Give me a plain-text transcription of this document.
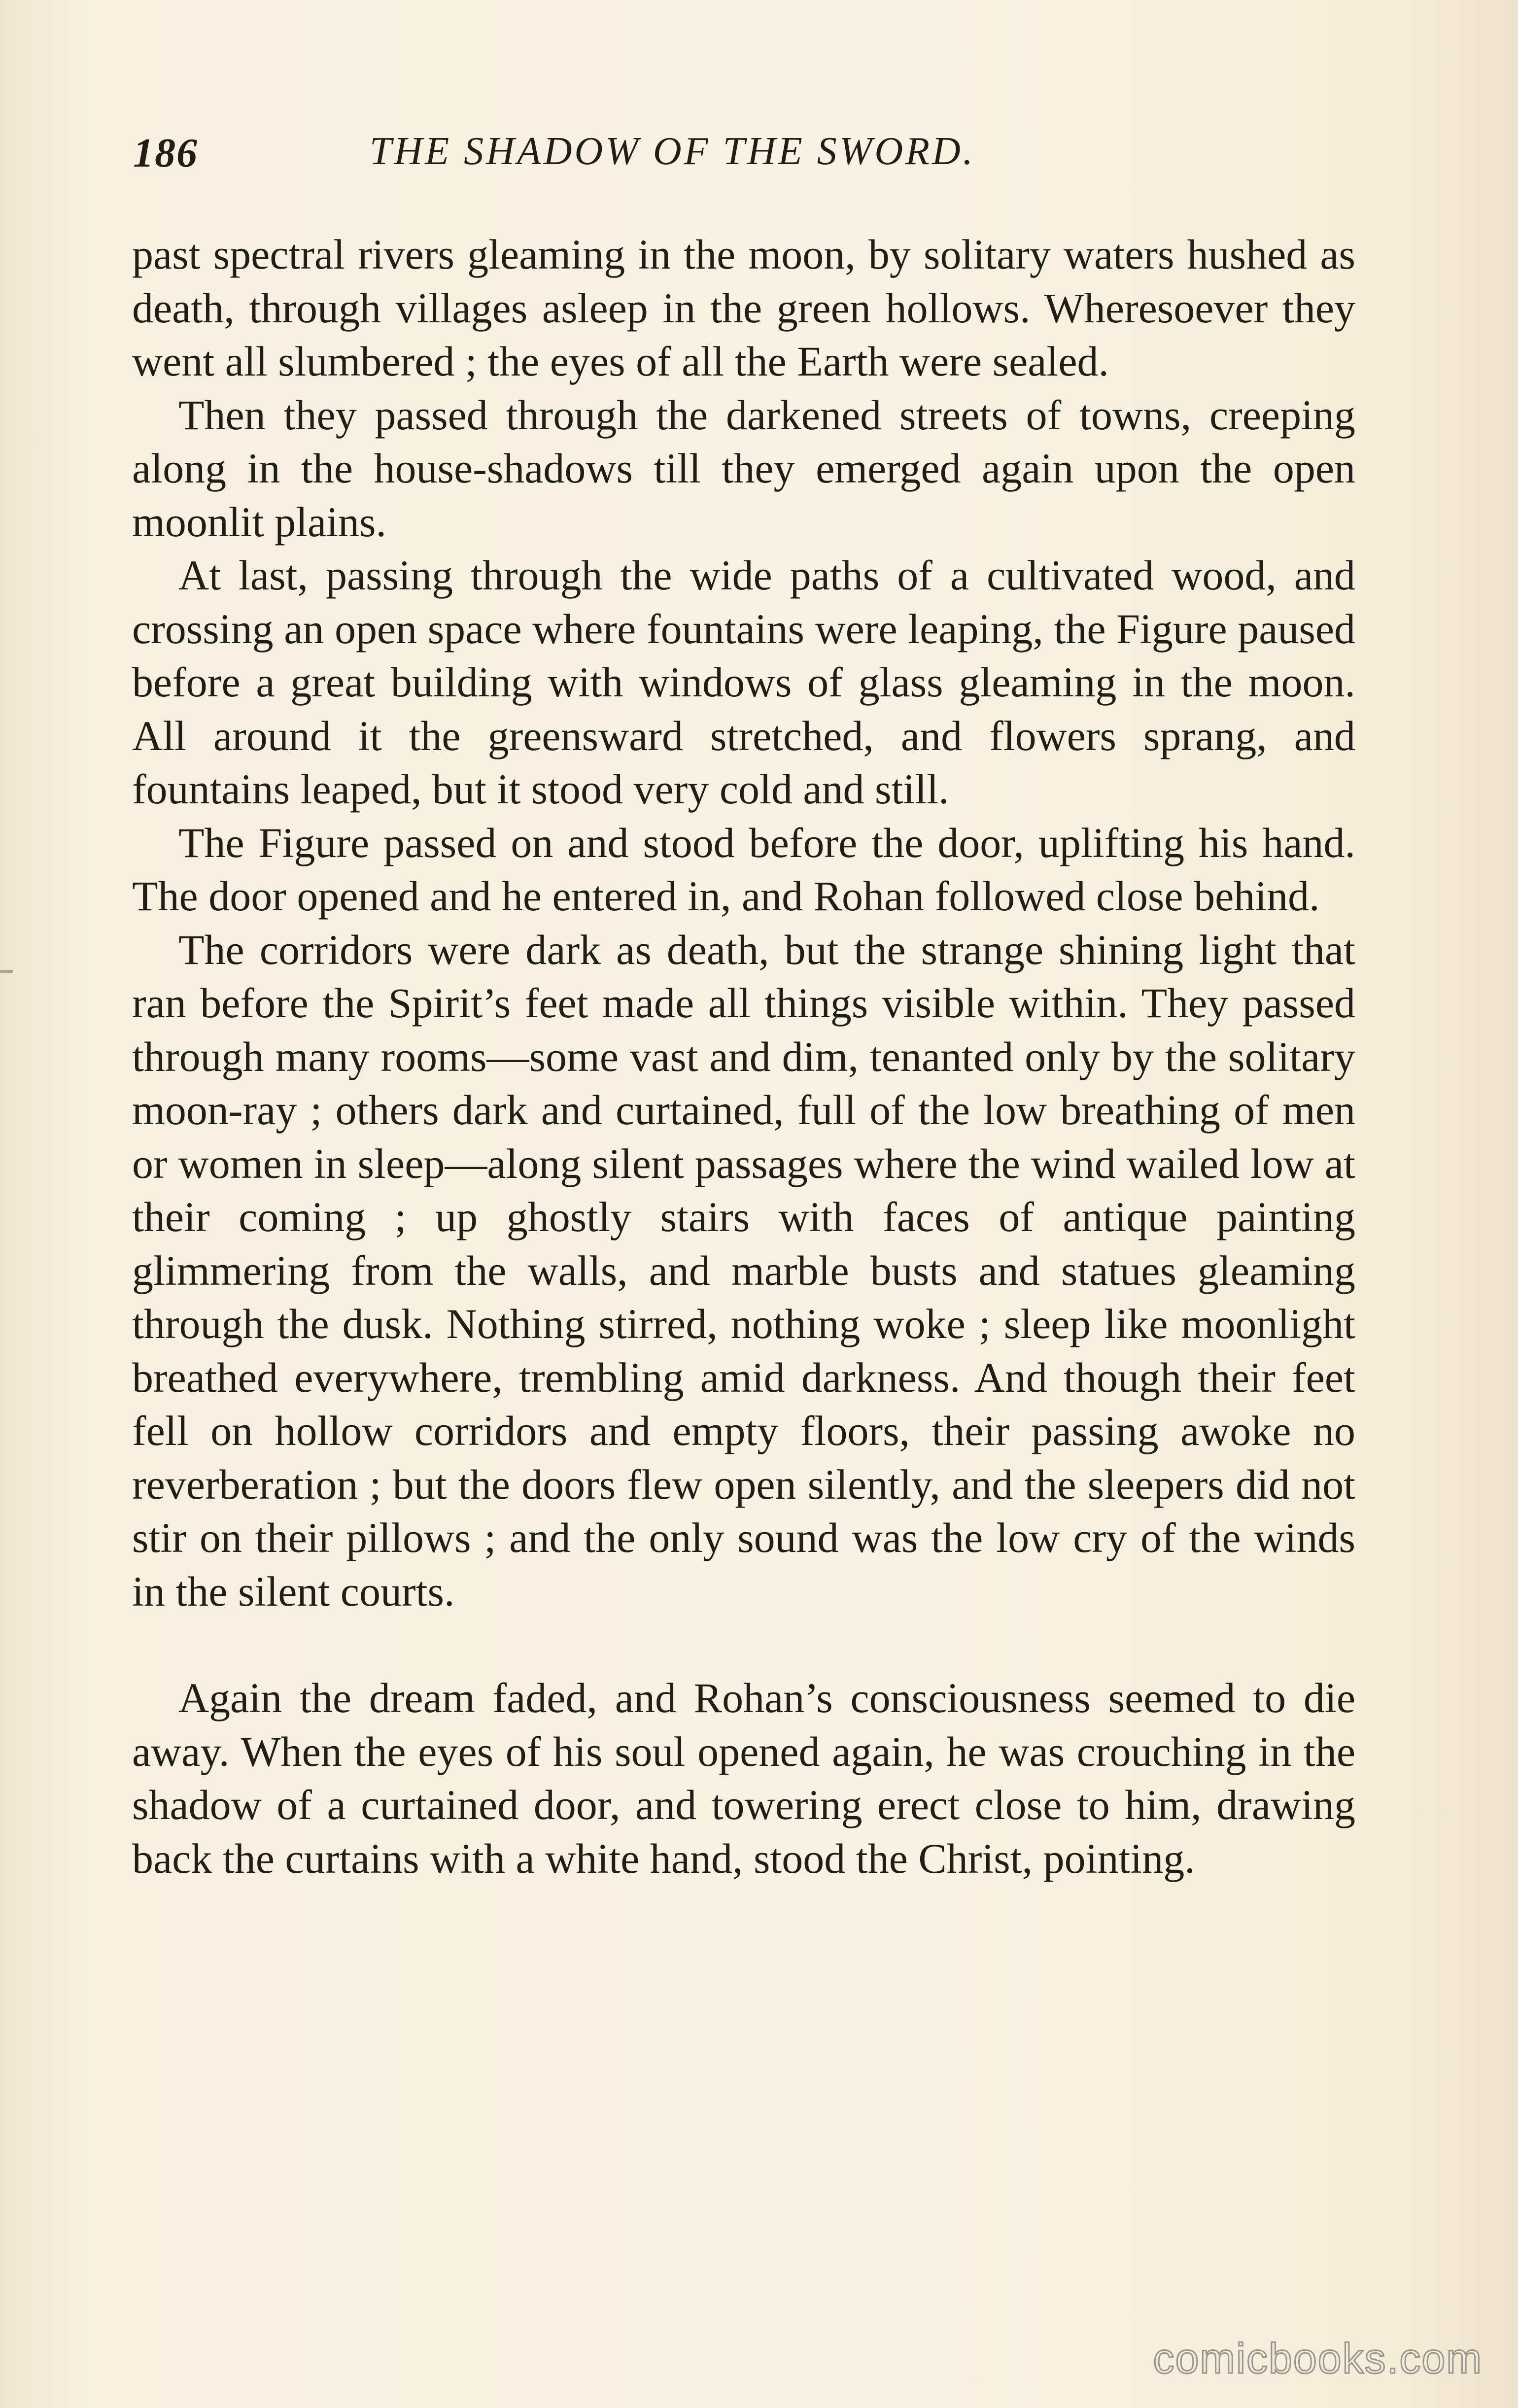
186	THE SHADOW OF THE SWORD.

past spectral rivers gleaming in the moon, by solitary waters hushed as death, through villages asleep in the green hollows. Wheresoever they went all slumbered ; the eyes of all the Earth were sealed.

Then they passed through the darkened streets of towns, creeping along in the house-shadows till they emerged again upon the open moonlit plains.

At last, passing through the wide paths of a cultivated wood, and crossing an open space where fountains were leaping, the Figure paused before a great building with windows of glass gleaming in the moon. All around it the greensward stretched, and flowers sprang, and fountains leaped, but it stood very cold and still.

The Figure passed on and stood before the door, uplifting his hand. The door opened and he entered in, and Rohan followed close behind.

The corridors were dark as death, but the strange shining light that ran before the Spirit’s feet made all things visible within. They passed through many rooms—some vast and dim, tenanted only by the solitary moon-ray ; others dark and curtained, full of the low breathing of men or women in sleep—along silent passages where the wind wailed low at their coming ; up ghostly stairs with faces of antique painting glimmering from the walls, and marble busts and statues gleaming through the dusk. Nothing stirred, nothing woke ; sleep like moonlight breathed everywhere, trembling amid darkness. And though their feet fell on hollow corridors and empty floors, their passing awoke no reverberation ; but the doors flew open silently, and the sleepers did not stir on their pillows ; and the only sound was the low cry of the winds in the silent courts.

Again the dream faded, and Rohan’s consciousness seemed to die away. When the eyes of his soul opened again, he was crouching in the shadow of a curtained door, and towering erect close to him, drawing back the curtains with a white hand, stood the Christ, pointing.

comicbooks.com
